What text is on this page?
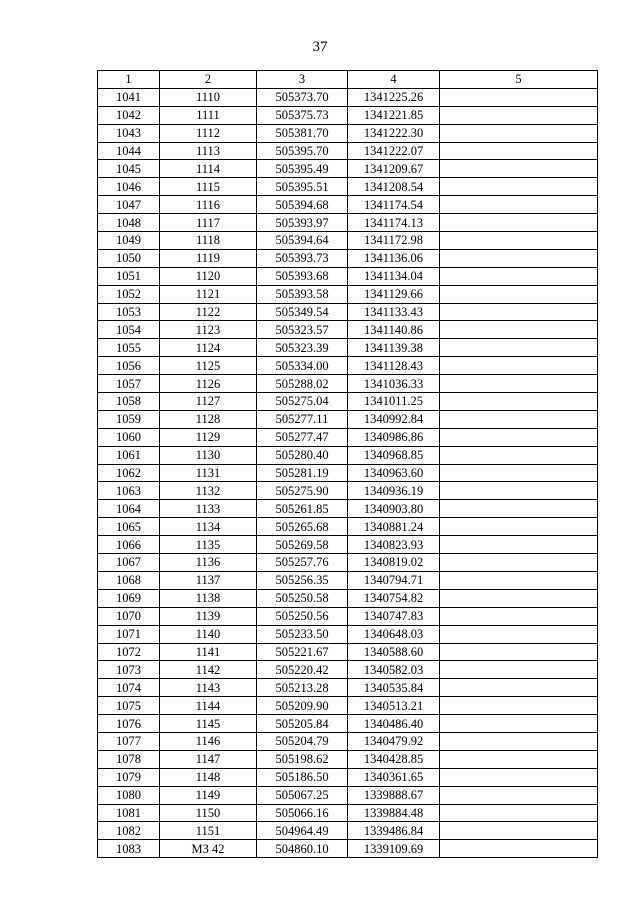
37
1	2	3	4	5
1041	1110	505373.70	1341225.26	
1042	1111	505375.73	1341221.85	
1043	1112	505381.70	1341222.30	
1044	1113	505395.70	1341222.07	
1045	1114	505395.49	1341209.67	
1046	1115	505395.51	1341208.54	
1047	1116	505394.68	1341174.54	
1048	1117	505393.97	1341174.13	
1049	1118	505394.64	1341172.98	
1050	1119	505393.73	1341136.06	
1051	1120	505393.68	1341134.04	
1052	1121	505393.58	1341129.66	
1053	1122	505349.54	1341133.43	
1054	1123	505323.57	1341140.86	
1055	1124	505323.39	1341139.38	
1056	1125	505334.00	1341128.43	
1057	1126	505288.02	1341036.33	
1058	1127	505275.04	1341011.25	
1059	1128	505277.11	1340992.84	
1060	1129	505277.47	1340986.86	
1061	1130	505280.40	1340968.85	
1062	1131	505281.19	1340963.60	
1063	1132	505275.90	1340936.19	
1064	1133	505261.85	1340903.80	
1065	1134	505265.68	1340881.24	
1066	1135	505269.58	1340823.93	
1067	1136	505257.76	1340819.02	
1068	1137	505256.35	1340794.71	
1069	1138	505250.58	1340754.82	
1070	1139	505250.56	1340747.83	
1071	1140	505233.50	1340648.03	
1072	1141	505221.67	1340588.60	
1073	1142	505220.42	1340582.03	
1074	1143	505213.28	1340535.84	
1075	1144	505209.90	1340513.21	
1076	1145	505205.84	1340486.40	
1077	1146	505204.79	1340479.92	
1078	1147	505198.62	1340428.85	
1079	1148	505186.50	1340361.65	
1080	1149	505067.25	1339888.67	
1081	1150	505066.16	1339884.48	
1082	1151	504964.49	1339486.84	
1083	МЗ 42	504860.10	1339109.69	
